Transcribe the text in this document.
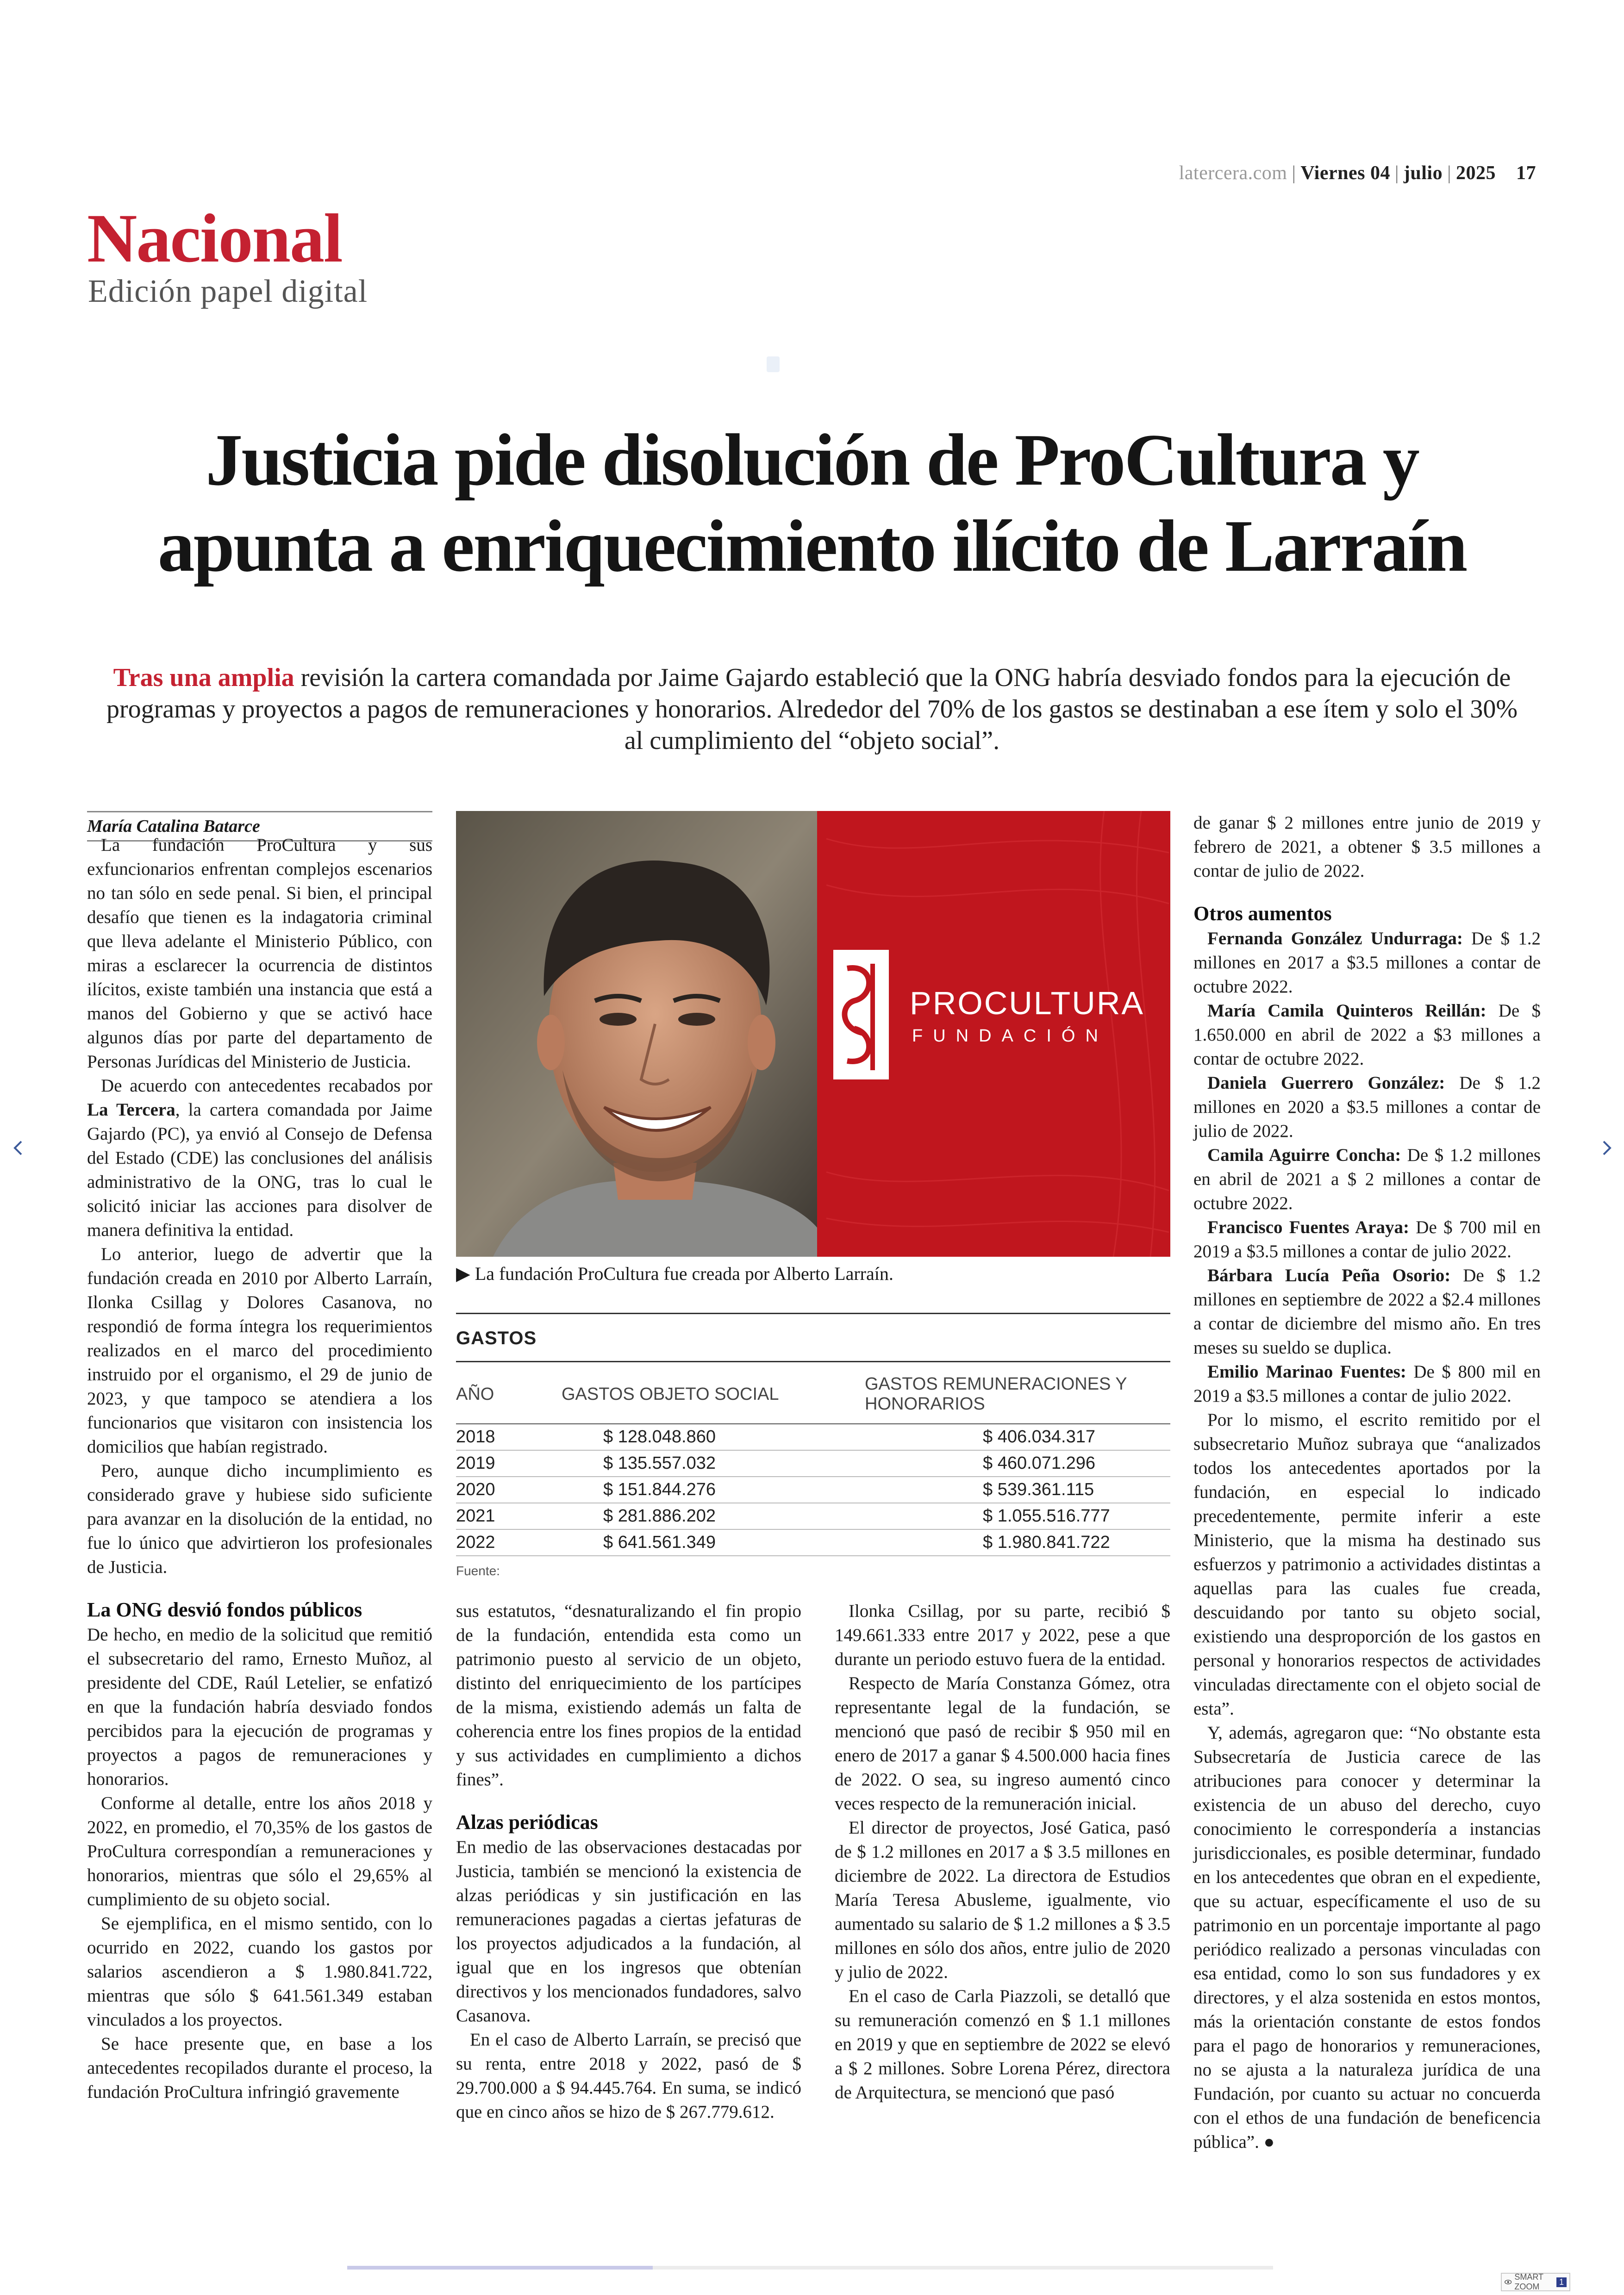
latercera.com | Viernes 04 | julio | 2025 17
Nacional
Edición papel digital
Justicia pide disolución de ProCultura y
apunta a enriquecimiento ilícito de Larraín
Tras una amplia revisión la cartera comandada por Jaime Gajardo estableció que la ONG habría desviado fondos para la ejecución de programas y proyectos a pagos de remuneraciones y honorarios. Alrededor del 70% de los gastos se destinaban a ese ítem y solo el 30% al cumplimiento del “objeto social”.
María Catalina Batarce

La fundación ProCultura y sus exfuncionarios enfrentan complejos escenarios no tan sólo en sede penal. Si bien, el principal desafío que tienen es la indagatoria criminal que lleva adelante el Ministerio Público, con miras a esclarecer la ocurrencia de distintos ilícitos, existe también una instancia que está a manos del Gobierno y que se activó hace algunos días por parte del departamento de Personas Jurídicas del Ministerio de Justicia.

De acuerdo con antecedentes recabados por La Tercera, la cartera comandada por Jaime Gajardo (PC), ya envió al Consejo de Defensa del Estado (CDE) las conclusiones del análisis administrativo de la ONG, tras lo cual le solicitó iniciar las acciones para disolver de manera definitiva la entidad.

Lo anterior, luego de advertir que la fundación creada en 2010 por Alberto Larraín, Ilonka Csillag y Dolores Casanova, no respondió de forma íntegra los requerimientos realizados en el marco del procedimiento instruido por el organismo, el 29 de junio de 2023, y que tampoco se atendiera a los funcionarios que visitaron con insistencia los domicilios que habían registrado.

Pero, aunque dicho incumplimiento es considerado grave y hubiese sido suficiente para avanzar en la disolución de la entidad, no fue lo único que advirtieron los profesionales de Justicia.

La ONG desvió fondos públicos

De hecho, en medio de la solicitud que remitió el subsecretario del ramo, Ernesto Muñoz, al presidente del CDE, Raúl Letelier, se enfatizó en que la fundación habría desviado fondos percibidos para la ejecución de programas y proyectos a pagos de remuneraciones y honorarios.

Conforme al detalle, entre los años 2018 y 2022, en promedio, el 70,35% de los gastos de ProCultura correspondían a remuneraciones y honorarios, mientras que sólo el 29,65% al cumplimiento de su objeto social.

Se ejemplifica, en el mismo sentido, con lo ocurrido en 2022, cuando los gastos por salarios ascendieron a $ 1.980.841.722, mientras que sólo $ 641.561.349 estaban vinculados a los proyectos.

Se hace presente que, en base a los antecedentes recopilados durante el proceso, la fundación ProCultura infringió gravemente

PROCULTURA
FUNDACIÓN
▶ La fundación ProCultura fue creada por Alberto Larraín.
GASTOS
AÑO	GASTOS OBJETO SOCIAL	GASTOS REMUNERACIONES Y HONORARIOS
2018	$ 128.048.860	$ 406.034.317
2019	$ 135.557.032	$ 460.071.296
2020	$ 151.844.276	$ 539.361.115
2021	$ 281.886.202	$ 1.055.516.777
2022	$ 641.561.349	$ 1.980.841.722
Fuente:

sus estatutos, “desnaturalizando el fin propio de la fundación, entendida esta como un patrimonio puesto al servicio de un objeto, distinto del enriquecimiento de los partícipes de la misma, existiendo además un falta de coherencia entre los fines propios de la entidad y sus actividades en cumplimiento a dichos fines”.

Alzas periódicas

En medio de las observaciones destacadas por Justicia, también se mencionó la existencia de alzas periódicas y sin justificación en las remuneraciones pagadas a ciertas jefaturas de los proyectos adjudicados a la fundación, al igual que en los ingresos que obtenían directivos y los mencionados fundadores, salvo Casanova.

En el caso de Alberto Larraín, se precisó que su renta, entre 2018 y 2022, pasó de $ 29.700.000 a $ 94.445.764. En suma, se indicó que en cinco años se hizo de $ 267.779.612.

Ilonka Csillag, por su parte, recibió $ 149.661.333 entre 2017 y 2022, pese a que durante un periodo estuvo fuera de la entidad.

Respecto de María Constanza Gómez, otra representante legal de la fundación, se mencionó que pasó de recibir $ 950 mil en enero de 2017 a ganar $ 4.500.000 hacia fines de 2022. O sea, su ingreso aumentó cinco veces respecto de la remuneración inicial.

El director de proyectos, José Gatica, pasó de $ 1.2 millones en 2017 a $ 3.5 millones en diciembre de 2022. La directora de Estudios María Teresa Abusleme, igualmente, vio aumentado su salario de $ 1.2 millones a $ 3.5 millones en sólo dos años, entre julio de 2020 y julio de 2022.

En el caso de Carla Piazzoli, se detalló que su remuneración comenzó en $ 1.1 millones en 2019 y que en septiembre de 2022 se elevó a $ 2 millones. Sobre Lorena Pérez, directora de Arquitectura, se mencionó que pasó

de ganar $ 2 millones entre junio de 2019 y febrero de 2021, a obtener $ 3.5 millones a contar de julio de 2022.

Otros aumentos

Fernanda González Undurraga: De $ 1.2 millones en 2017 a $3.5 millones a contar de octubre 2022.

María Camila Quinteros Reillán: De $ 1.650.000 en abril de 2022 a $3 millones a contar de octubre 2022.

Daniela Guerrero González: De $ 1.2 millones en 2020 a $3.5 millones a contar de julio de 2022.

Camila Aguirre Concha: De $ 1.2 millones en abril de 2021 a $ 2 millones a contar de octubre 2022.

Francisco Fuentes Araya: De $ 700 mil en 2019 a $3.5 millones a contar de julio 2022.

Bárbara Lucía Peña Osorio: De $ 1.2 millones en septiembre de 2022 a $2.4 millones a contar de diciembre del mismo año. En tres meses su sueldo se duplica.

Emilio Marinao Fuentes: De $ 800 mil en 2019 a $3.5 millones a contar de julio 2022.

Por lo mismo, el escrito remitido por el subsecretario Muñoz subraya que “analizados todos los antecedentes aportados por la fundación, en especial lo indicado precedentemente, permite inferir a este Ministerio, que la misma ha destinado sus esfuerzos y patrimonio a actividades distintas a aquellas para las cuales fue creada, descuidando por tanto su objeto social, existiendo una desproporción de los gastos en personal y honorarios respectos de actividades vinculadas directamente con el objeto social de esta”.

Y, además, agregaron que: “No obstante esta Subsecretaría de Justicia carece de las atribuciones para conocer y determinar la existencia de un abuso del derecho, cuyo conocimiento le correspondería a instancias jurisdiccionales, es posible determinar, fundado en los antecedentes que obran en el expediente, que su actuar, específicamente el uso de su patrimonio en un porcentaje importante al pago periódico realizado a personas vinculadas con esa entidad, como lo son sus fundadores y ex directores, y el alza sostenida en estos montos, más la orientación constante de estos fondos para el pago de honorarios y remuneraciones, no se ajusta a la naturaleza jurídica de una Fundación, por cuanto su actuar no concuerda con el ethos de una fundación de beneficencia pública”. ●

SMART ZOOM
1
